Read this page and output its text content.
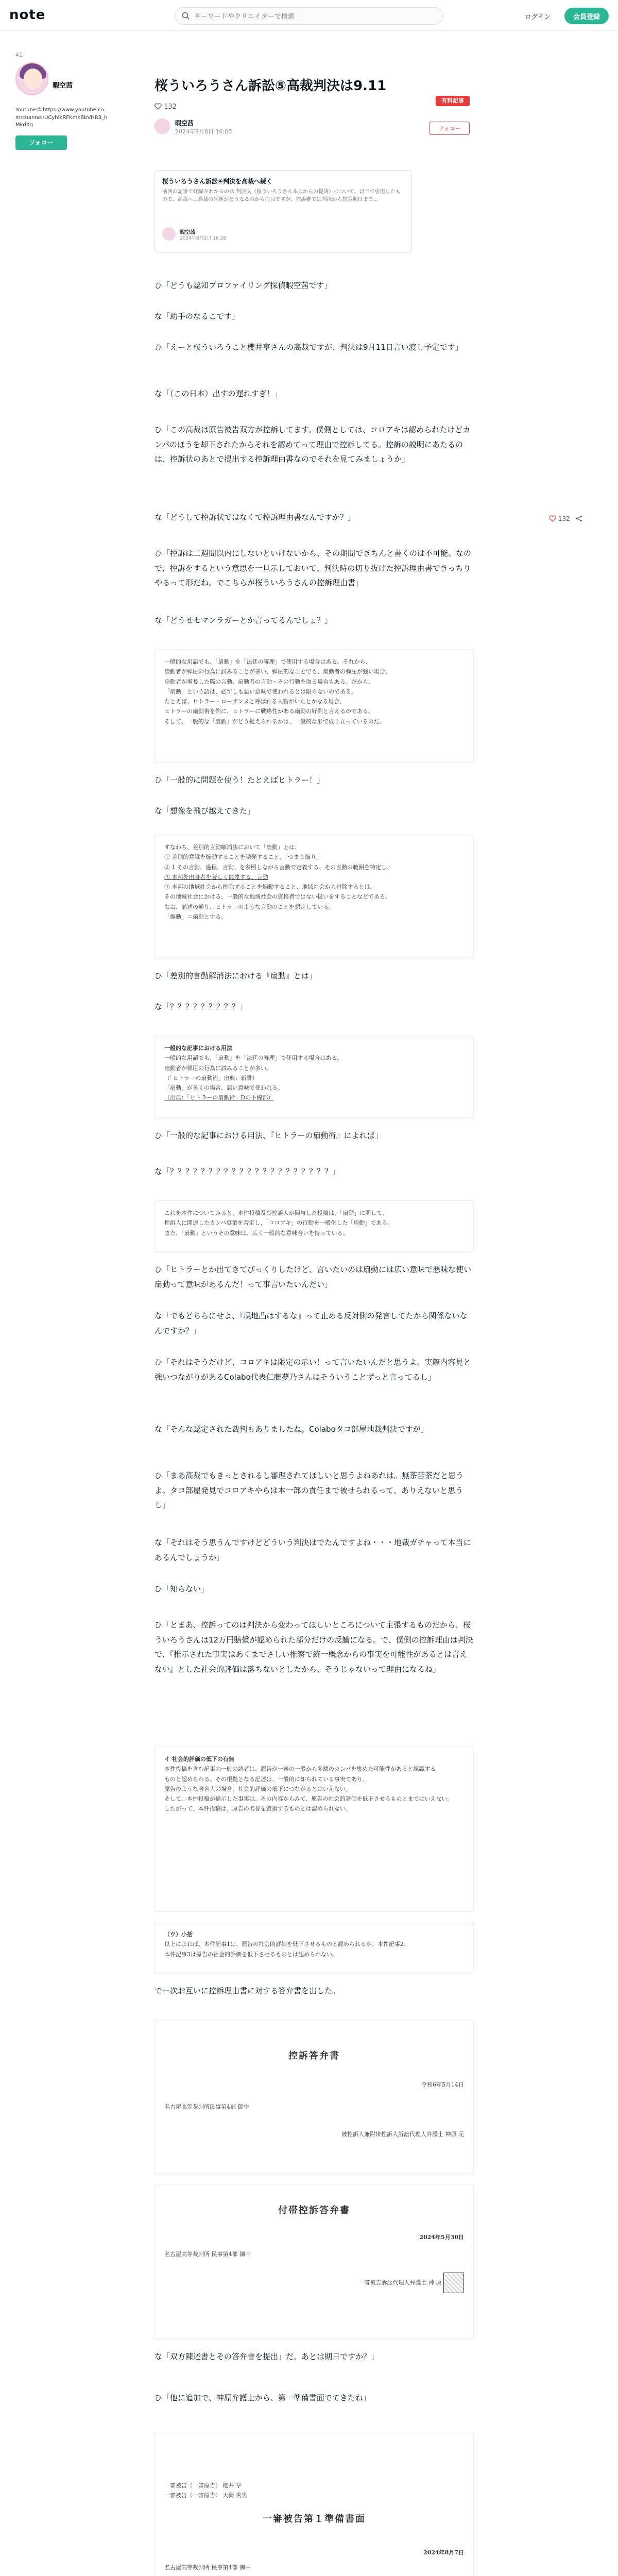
note
キーワードやクリエイターで検索	ログイン	会員登録
41
暇空茜
Youtubeは https://www.youtube.com/channel/UCyhIkRFKmkBbVHR3_hMkdXg
フォロー
桜ういろうさん訴訟⑤高裁判決は9.11
有料記事
132
暇空茜
2024年9月8日 16:00	フォロー
桜ういろうさん訴訟④判決を高裁へ続く
前回の記事で経緯がわかるのは 判決文（桜ういろうさん本人からの提訴）について、以下で引用したもので、高裁へ...高裁の判断がどうなるのかも注目ですが、控訴審では判決から控訴期日まで...
暇空茜
2024年8月2日 16:28
ひ「どうも認知プロファイリング探偵暇空茜です」
な「助手のなるこです」
ひ「えーと桜ういろうこと櫻井亨さんの高裁ですが、判決は9月11日言い渡し予定です」
な「（この日本）出すの遅れすぎ！」
ひ「この高裁は原告被告双方が控訴してます。僕側としては、コロアキは認められたけどカンパのほうを却下されたからそれを認めてって理由で控訴してる。控訴の説明にあたるのは、控訴状のあとで提出する控訴理由書なのでそれを見てみましょうか」
な「どうして控訴状ではなくて控訴理由書なんですか？」
ひ「控訴は二週間以内にしないといけないから、その期間できちんと書くのは不可能。なので、控訴をするという意思を一旦示しておいて、判決時の切り抜けた控訴理由書できっちりやるって形だね。でこちらが桜ういろうさんの控訴理由書」
な「どうせセマンラガーとか言ってるんでしょ？」
132
一般的な用語でも、「扇動」を「法廷の審理」で使用する場合はある。それから、
扇動者が弾圧の行為に試みることが多い、弾圧的なことでも、扇動者の弾圧が強い場合、
扇動者が増長した際の言動、扇動者の言動・その行動を取る場合もある。だから、
「扇動」という語は、必ずしも悪い意味で使われるとは限らないのである。
たとえば、ヒトラー・ローザンヌと呼ばれる人物がいたとかなる場合、
ヒトラーの扇動術を例に、ヒトラーに戦略性がある扇動の好例と言えるのである。
そして、一般的な「扇動」がどう捉えられるかは、一般的な形で成り立っているのだ。
ひ「一般的に問題を使う！たとえばヒトラー！」
な「想像を飛び越えてきた」
すなわち、差別的言動解消法において「扇動」とは、
① 差別的意識を煽動することを誘発すること、「つまり煽り」
② 1 その言動、過程、言動、を参照しながら言動で定義する、その言動の範囲を特定し、
③ 本邦外出身者を著しく侮蔑する、言動
④ 本邦の地域社会から排除することを煽動すること、地域社会から排除するとは、
その地域社会における、一般的な地域社会の資格者ではない扱いをすることなどである。
なお、前述の通り、ヒトラーのような言動のことを想定している。
「煽動」＝扇動とする。
ひ「差別的言動解消法における『扇動』とは」
な「？？？？？？？？？」
一般的な記事における用法
一般的な用語でも、「扇動」を「法廷の審理」で使用する場合はある。
扇動者が弾圧の行為に試みることが多い。
（「ヒトラーの扇動術」出典：新書）
「扇動」が多くの場合、悪い意味で使われる。
（出典：「ヒトラーの扇動術」Dの下線部）
ひ「一般的な記事における用法、『ヒトラーの扇動術』によれば」
な「？？？？？？？？？？？？？？？？？？？？？」
これを本件についてみると、本件投稿及び控訴人が関与した投稿は、「扇動」に関して、
控訴人に関連したカンパ事業を否定し、「コロアキ」の行動を一般化した「扇動」である。
また、「扇動」というその意味は、広く一般的な意味合いを持っている。
ひ「ヒトラーとか出てきてびっくりしたけど、言いたいのは扇動には広い意味で悪味な使い扇動って意味があるんだ！って事言いたいんだい」
な「でもどちらにせよ、『現地凸はするな』って止める反対側の発言してたから関係ないなんですか？」
ひ「それはそうだけど、コロアキは限定の示い！って言いたいんだと思うよ。実際内容見と強いつながりがあるColabo代表仁藤夢乃さんはそういうことずっと言ってるし」
な「そんな認定された裁判もありましたね。Colaboタコ部屋地裁判決ですが」
ひ「まあ高裁でもきっとされるし審理されてほしいと思うよねあれは。無茶苦茶だと思うよ。タコ部屋発見でコロアキやらは本一部の責任まで被せられるって、ありえないと思うし」
な「それはそう思うんですけどどういう判決はでたんですよね・・・地裁ガチャって本当にあるんでしょうか」
ひ「知らない」
ひ「とまあ、控訴ってのは判決から変わってほしいところについて主張するものだから、桜ういろうさんは12万円賠償が認められた部分だけの反論になる。で、僕側の控訴理由は判決で、『推示された事実はあくまでさしい推察で統一概念からの事実を可能性があるとは言えない』とした社会的評価は落ちないとしたから、そうじゃないって理由になるね」
イ 社会的評価の低下の有無
本件投稿を含む記事の一般の読者は、原告が一審の一般から多額のカンパを集めた可能性があると認識する
ものと認められる。その根拠となる記述は、一般的に知られている事実であり、
原告のような著名人の場合、社会的評価の低下につながるとはいえない。
そして、本件投稿が摘示した事実は、その内容からみて、原告の社会的評価を低下させるものとまではいえない。
したがって、本件投稿は、原告の名誉を毀損するものとは認められない。
（ウ）小括
以上によれば、本件記事1は、原告の社会的評価を低下させるものと認められるが、本件記事2、
本件記事3は原告の社会的評価を低下させるものとは認められない。
でー次お互いに控訴理由書に対する答弁書を出した。
控訴答弁書
令和6年5月14日
名古屋高等裁判所民事第4部 御中
被控訴人兼附帯控訴人訴訟代理人弁護士 神原 元
付帯控訴答弁書
2024年5月30日
名古屋高等裁判所 民事第4部 御中
一審被告訴訟代理人弁護士 神 原
な「双方陳述書とその答弁書を提出」だ。あとは期日ですか？」
ひ「他に追加で、神原弁護士から、第一準備書面でてきたね」
一審被告（一審原告） 櫻井 亨
一審被告（一審原告） 大岡 秀男
一審被告第１準備書面
2024年8月7日
名古屋高等裁判所 民事第4部 御中
